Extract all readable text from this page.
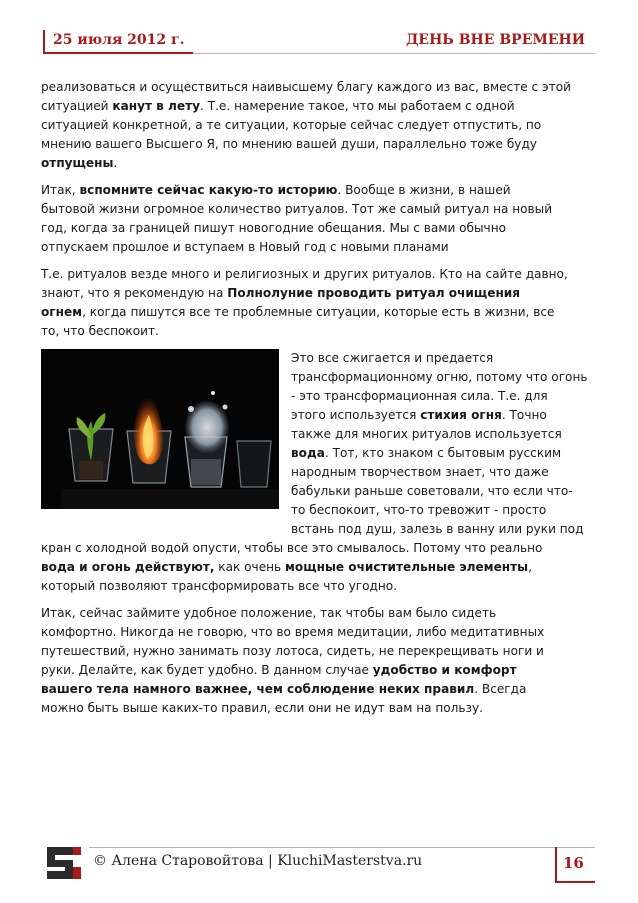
25 июля 2012 г.	ДЕНЬ ВНЕ ВРЕМЕНИ

реализоваться и осуществиться наивысшему благу каждого из вас, вместе с этой
ситуацией канут в лету. Т.е. намерение такое, что мы работаем с одной
ситуацией конкретной, а те ситуации, которые сейчас следует отпустить, по
мнению вашего Высшего Я, по мнению вашей души, параллельно тоже буду
отпущены.

Итак, вспомните сейчас какую-то историю. Вообще в жизни, в нашей
бытовой жизни огромное количество ритуалов. Тот же самый ритуал на новый
год, когда за границей пишут новогодние обещания. Мы с вами обычно
отпускаем прошлое и вступаем в Новый год с новыми планами

Т.е. ритуалов везде много и религиозных и других ритуалов. Кто на сайте давно,
знают, что я рекомендую на Полнолуние проводить ритуал очищения
огнем, когда пишутся все те проблемные ситуации, которые есть в жизни, все
то, что беспокоит.

Это все сжигается и предается
трансформационному огню, потому что огонь
- это трансформационная сила. Т.е. для
этого используется стихия огня. Точно
также для многих ритуалов используется
вода. Тот, кто знаком с бытовым русским
народным творчеством знает, что даже
бабульки раньше советовали, что если что-
то беспокоит, что-то тревожит - просто
встань под душ, залезь в ванну или руки под
кран с холодной водой опусти, чтобы все это смывалось. Потому что реально
вода и огонь действуют, как очень мощные очистительные элементы,
который позволяют трансформировать все что угодно.

Итак, сейчас займите удобное положение, так чтобы вам было сидеть
комфортно. Никогда не говорю, что во время медитации, либо медитативных
путешествий, нужно занимать позу лотоса, сидеть, не перекрещивать ноги и
руки. Делайте, как будет удобно. В данном случае удобство и комфорт
вашего тела намного важнее, чем соблюдение неких правил. Всегда
можно быть выше каких-то правил, если они не идут вам на пользу.

© Алена Старовойтова | KluchiMasterstva.ru	16
